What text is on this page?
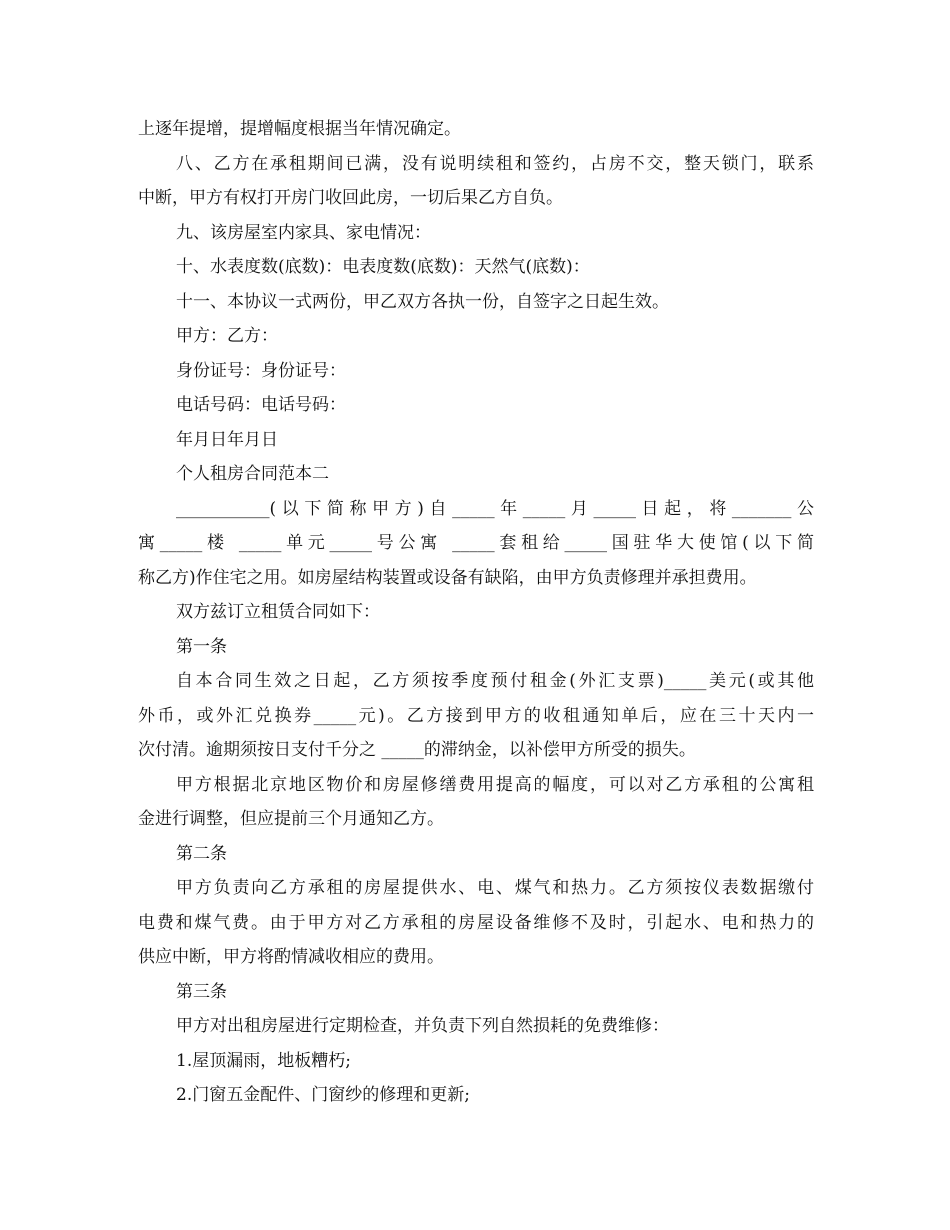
上逐年提增，提增幅度根据当年情况确定。
八、乙方在承租期间已满，没有说明续租和签约，占房不交，整天锁门，联系
中断，甲方有权打开房门收回此房，一切后果乙方自负。
九、该房屋室内家具、家电情况：
十、水表度数(底数)：电表度数(底数)：天然气(底数)：
十一、本协议一式两份，甲乙双方各执一份，自签字之日起生效。
甲方：乙方：
身份证号：身份证号：
电话号码：电话号码：
年月日年月日
个人租房合同范本二
___________(以下简称甲方)自_____年_____月_____日起，将_______公
寓_____楼 _____单元_____号公寓 _____套租给_____国驻华大使馆(以下简
称乙方)作住宅之用。如房屋结构装置或设备有缺陷，由甲方负责修理并承担费用。
双方兹订立租赁合同如下：
第一条
自本合同生效之日起，乙方须按季度预付租金(外汇支票)_____美元(或其他
外币，或外汇兑换券_____元)。乙方接到甲方的收租通知单后，应在三十天内一
次付清。逾期须按日支付千分之 _____的滞纳金，以补偿甲方所受的损失。
甲方根据北京地区物价和房屋修缮费用提高的幅度，可以对乙方承租的公寓租
金进行调整，但应提前三个月通知乙方。
第二条
甲方负责向乙方承租的房屋提供水、电、煤气和热力。乙方须按仪表数据缴付
电费和煤气费。由于甲方对乙方承租的房屋设备维修不及时，引起水、电和热力的
供应中断，甲方将酌情减收相应的费用。
第三条
甲方对出租房屋进行定期检查，并负责下列自然损耗的免费维修：
1.屋顶漏雨，地板糟朽;
2.门窗五金配件、门窗纱的修理和更新;
